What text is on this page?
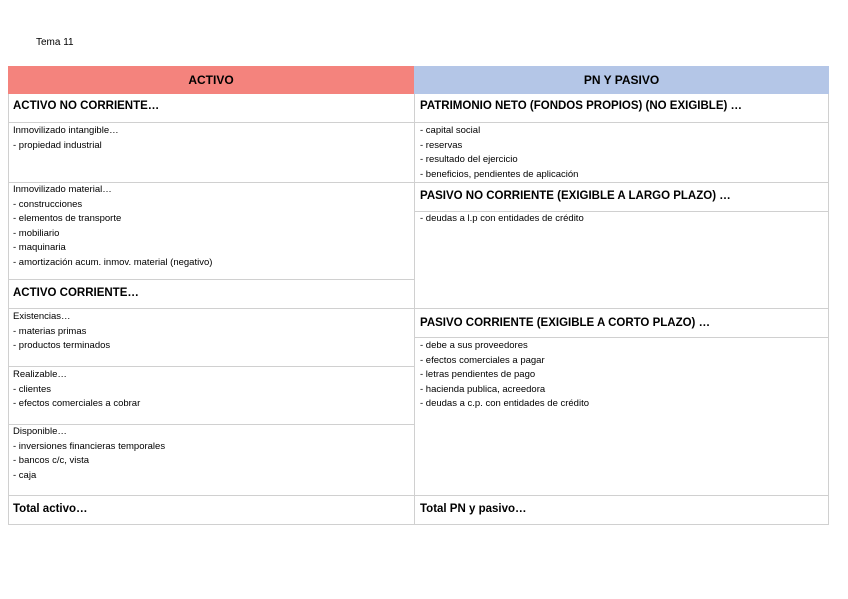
Tema 11
ACTIVO	PN Y PASIVO
ACTIVO NO CORRIENTE…
Inmovilizado intangible…
- propiedad industrial
Inmovilizado material…
- construcciones
- elementos de transporte
- mobiliario
- maquinaria
- amortización acum. inmov. material (negativo)
ACTIVO CORRIENTE…
Existencias…
- materias primas
- productos terminados
Realizable…
- clientes
- efectos comerciales a cobrar
Disponible…
- inversiones financieras temporales
- bancos c/c, vista
- caja
Total activo…
PATRIMONIO NETO (FONDOS PROPIOS) (NO EXIGIBLE) …
- capital social
- reservas
- resultado del ejercicio
- beneficios, pendientes de aplicación
PASIVO NO CORRIENTE (EXIGIBLE A LARGO PLAZO) …
- deudas a l.p con entidades de crédito
PASIVO CORRIENTE (EXIGIBLE A CORTO PLAZO) …
- debe a sus proveedores
- efectos comerciales a pagar
- letras pendientes de pago
- hacienda publica, acreedora
- deudas a c.p. con entidades de crédito
Total PN y pasivo…
